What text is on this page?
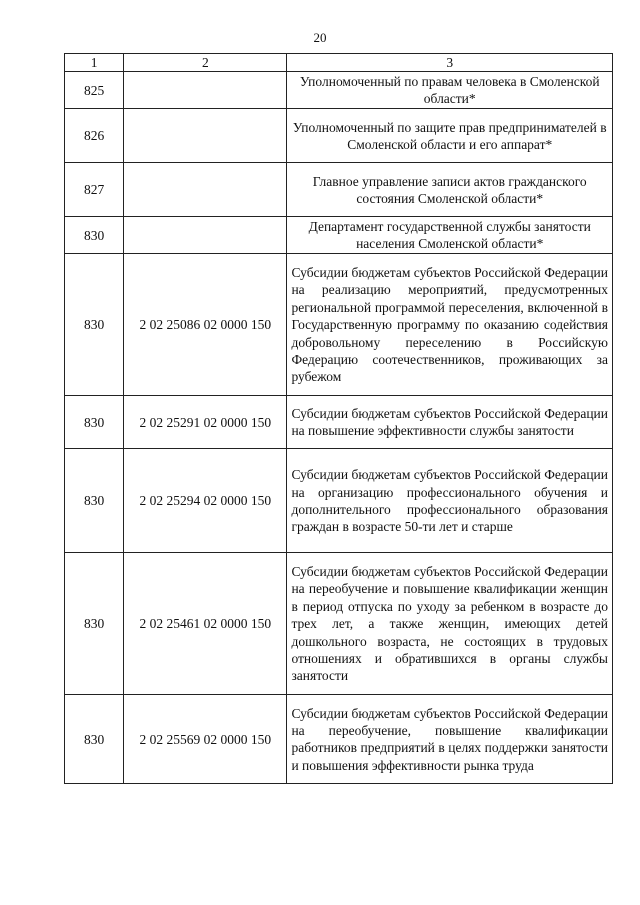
20
1	2	3
825		Уполномоченный по правам человека в Смоленской области*
826		Уполномоченный по защите прав предпринимателей в Смоленской области и его аппарат*
827		Главное управление записи актов гражданского состояния Смоленской области*
830		Департамент государственной службы занятости населения Смоленской области*
830	2 02 25086 02 0000 150	Субсидии бюджетам субъектов Российской Федерации на реализацию мероприятий, предусмотренных региональной программой переселения, включенной в Государственную программу по оказанию содействия добровольному переселению в Российскую Федерацию соотечественников, проживающих за рубежом
830	2 02 25291 02 0000 150	Субсидии бюджетам субъектов Российской Федерации на повышение эффективности службы занятости
830	2 02 25294 02 0000 150	Субсидии бюджетам субъектов Российской Федерации на организацию профессионального обучения и дополнительного профессионального образования граждан в возрасте 50-ти лет и старше
830	2 02 25461 02 0000 150	Субсидии бюджетам субъектов Российской Федерации на переобучение и повышение квалификации женщин в период отпуска по уходу за ребенком в возрасте до трех лет, а также женщин, имеющих детей дошкольного возраста, не состоящих в трудовых отношениях и обратившихся в органы службы занятости
830	2 02 25569 02 0000 150	Субсидии бюджетам субъектов Российской Федерации на переобучение, повышение квалификации работников предприятий в целях поддержки занятости и повышения эффективности рынка труда
